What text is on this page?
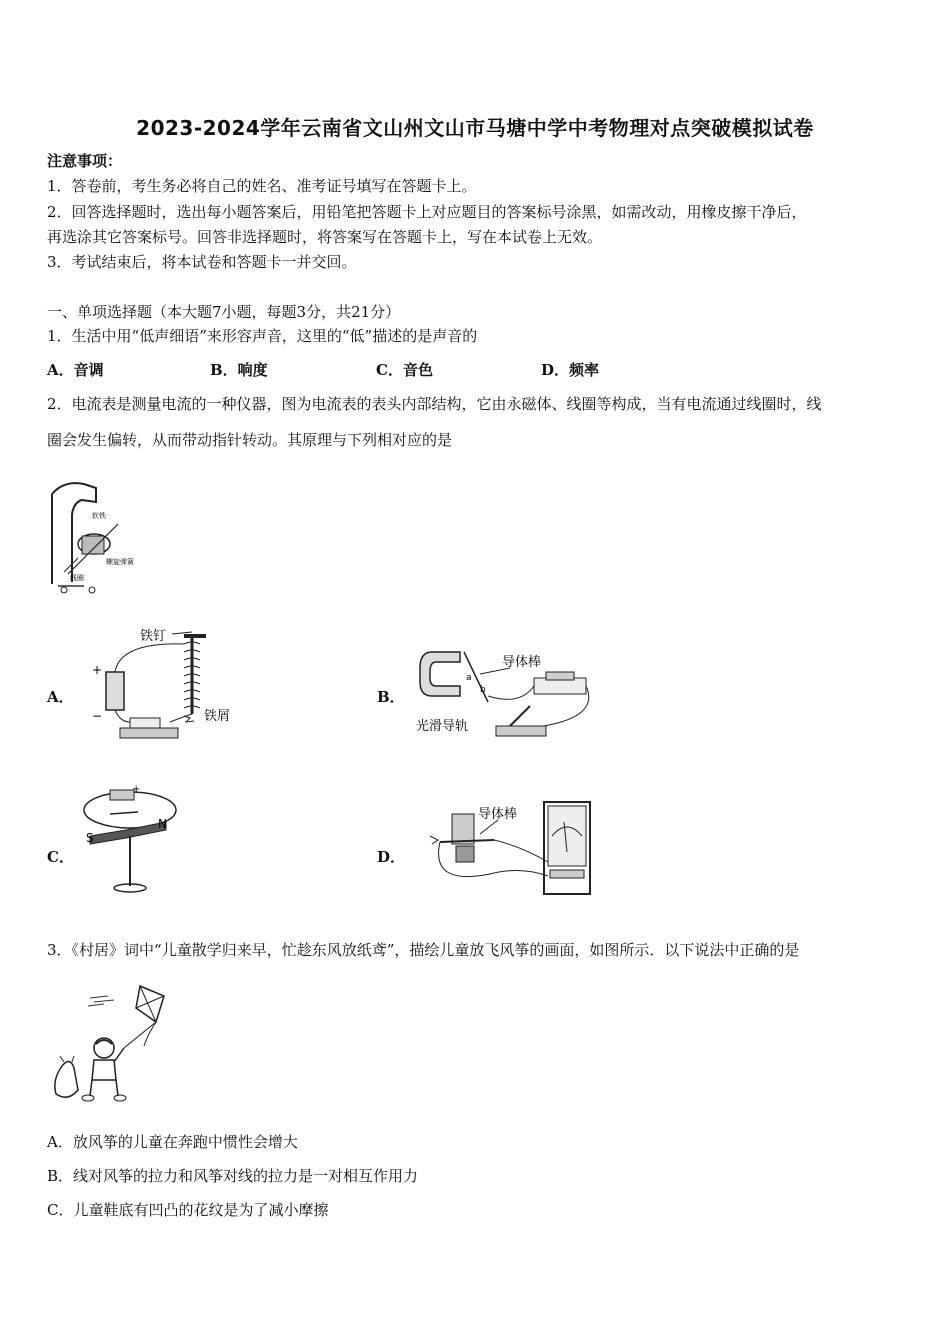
2023-2024学年云南省文山州文山市马塘中学中考物理对点突破模拟试卷
注意事项：
1．答卷前，考生务必将自己的姓名、准考证号填写在答题卡上。
2．回答选择题时，选出每小题答案后，用铅笔把答题卡上对应题目的答案标号涂黑，如需改动，用橡皮擦干净后，
再选涂其它答案标号。回答非选择题时，将答案写在答题卡上，写在本试卷上无效。
3．考试结束后，将本试卷和答题卡一并交回。
一、单项选择题（本大题7小题，每题3分，共21分）
1．生活中用“低声细语”来形容声音，这里的“低”描述的是声音的
A．音调	B．响度	C．音色	D．频率
2．电流表是测量电流的一种仪器，图为电流表的表头内部结构，它由永磁体、线圈等构成，当有电流通过线圈时，线
圈会发生偏转，从而带动指针转动。其原理与下列相对应的是
软铁
螺旋弹簧
线圈
A．
铁钉
+
−	铁屑
B．
导体棒
a
b
光滑导轨
C．
+
S
N
D．
导体棒
3．《村居》词中“儿童散学归来早，忙趁东风放纸鸢”，描绘儿童放飞风筝的画面，如图所示．以下说法中正确的是
A．放风筝的儿童在奔跑中惯性会增大
B．线对风筝的拉力和风筝对线的拉力是一对相互作用力
C．儿童鞋底有凹凸的花纹是为了减小摩擦
